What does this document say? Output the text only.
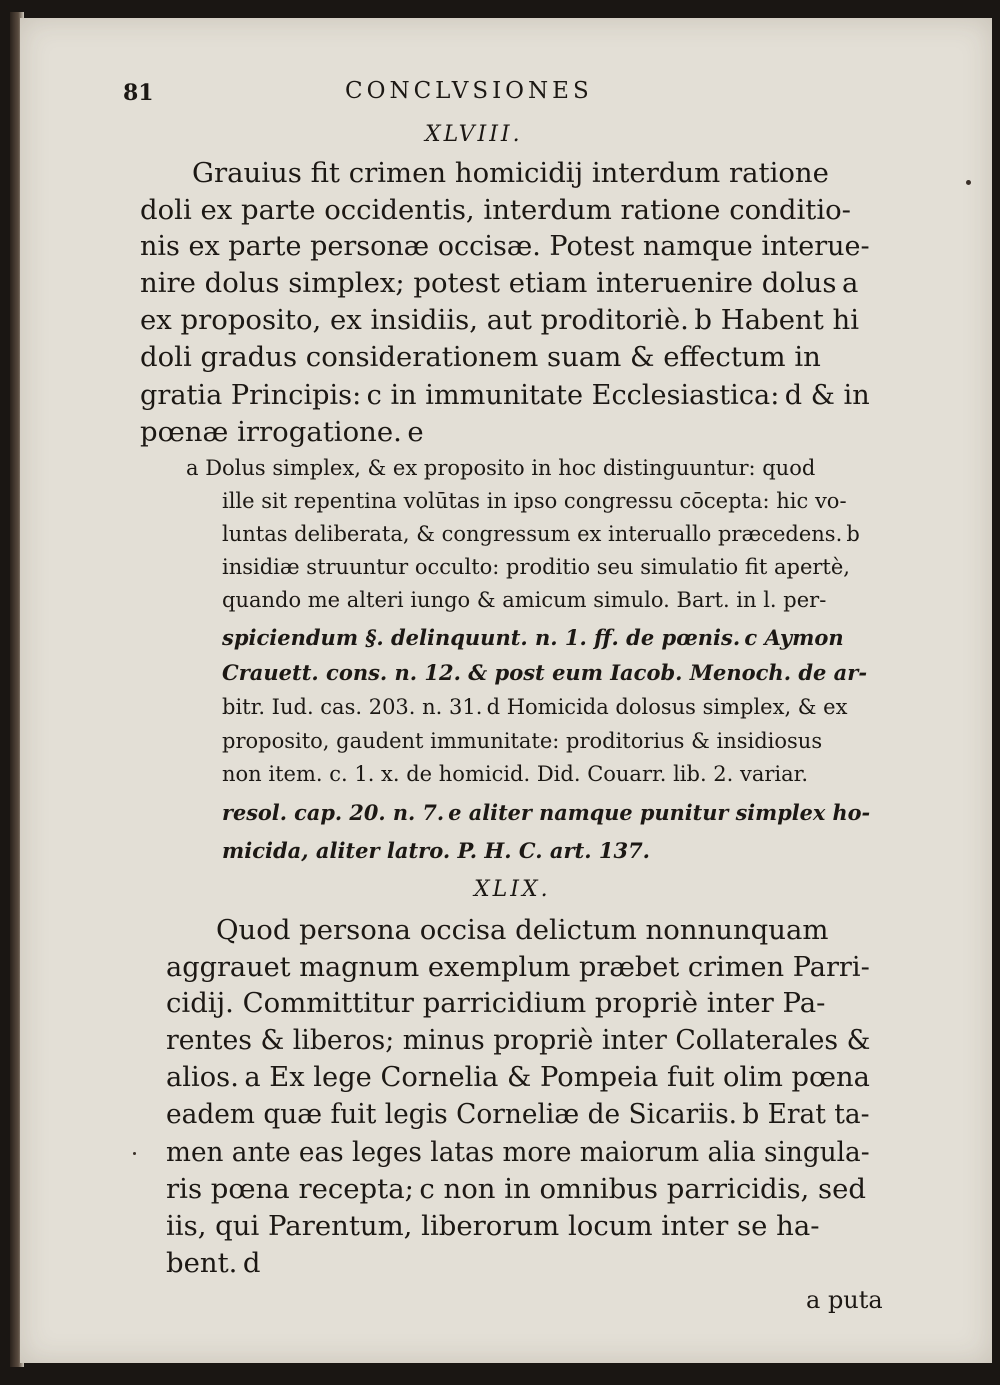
81	CONCLVSIONES
XLVIII.
Grauius fit crimen homicidij interdum ratione
doli ex parte occidentis, interdum ratione conditio-
nis ex parte personæ occisæ. Potest namque interue-
nire dolus simplex; potest etiam interuenire dolus a
ex proposito, ex insidiis, aut proditoriè. b Habent hi
doli gradus considerationem suam & effectum in
gratia Principis: c in immunitate Ecclesiastica: d & in
pœnæ irrogatione. e
a Dolus simplex, & ex proposito in hoc distinguuntur: quod
ille sit repentina volūtas in ipso congressu cōcepta: hic vo-
luntas deliberata, & congressum ex interuallo præcedens. b
insidiæ struuntur occulto: proditio seu simulatio fit apertè,
quando me alteri iungo & amicum simulo. Bart. in l. per-
spiciendum §. delinquunt. n. 1. ff. de pœnis. c Aymon
Crauett. cons. n. 12. & post eum Iacob. Menoch. de ar-
bitr. Iud. cas. 203. n. 31. d Homicida dolosus simplex, & ex
proposito, gaudent immunitate: proditorius & insidiosus
non item. c. 1. x. de homicid. Did. Couarr. lib. 2. variar.
resol. cap. 20. n. 7. e aliter namque punitur simplex ho-
micida, aliter latro. P. H. C. art. 137.
XLIX.
Quod persona occisa delictum nonnunquam
aggrauet magnum exemplum præbet crimen Parri-
cidij. Committitur parricidium propriè inter Pa-
rentes & liberos; minus propriè inter Collaterales &
alios. a Ex lege Cornelia & Pompeia fuit olim pœna
eadem quæ fuit legis Corneliæ de Sicariis. b Erat ta-
men ante eas leges latas more maiorum alia singula-
ris pœna recepta; c non in omnibus parricidis, sed
iis, qui Parentum, liberorum locum inter se ha-
bent. d
a puta
